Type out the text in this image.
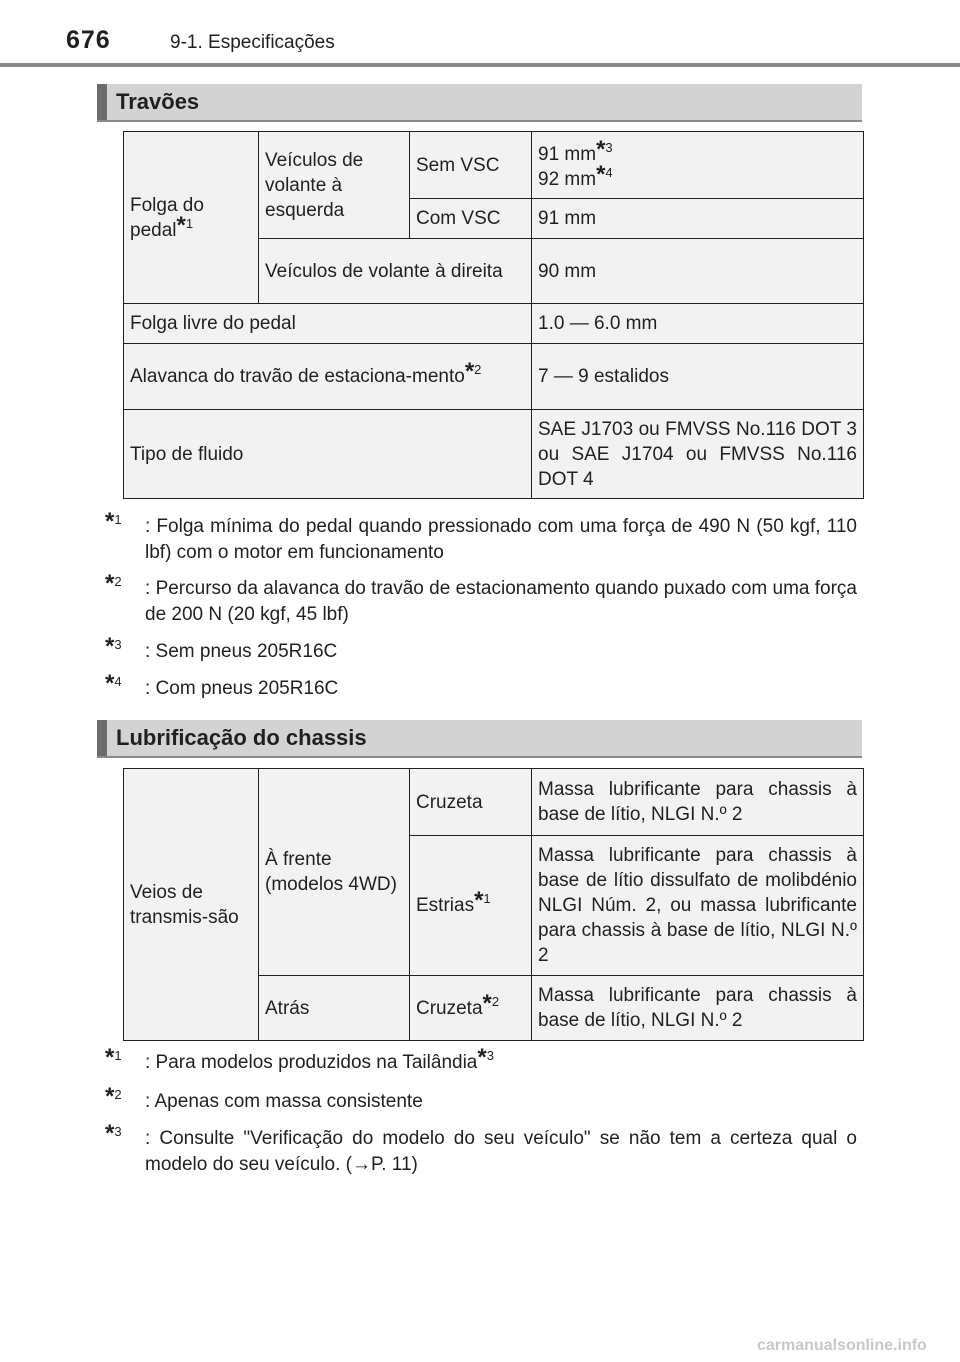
676	9-1. Especificações
Travões
Folga do pedal*$^1$	Veículos de volante à esquerda	Sem VSC	91 mm*$^3$
92 mm*$^4$
		Com VSC	91 mm
	Veículos de volante à direita		90 mm
Folga livre do pedal			1.0 — 6.0 mm
Alavanca do travão de estaciona-mento*$^2$			7 — 9 estalidos
Tipo de fluido			SAE J1703 ou FMVSS No.116 DOT 3 ou SAE J1704 ou FMVSS No.116 DOT 4
*$^1$ : Folga mínima do pedal quando pressionado com uma força de 490 N (50 kgf, 110 lbf) com o motor em funcionamento
*$^2$ : Percurso da alavanca do travão de estacionamento quando puxado com uma força de 200 N (20 kgf, 45 lbf)
*$^3$ : Sem pneus 205R16C
*$^4$ : Com pneus 205R16C
Lubrificação do chassis
Veios de transmis-são	À frente (modelos 4WD)	Cruzeta	Massa lubrificante para chassis à base de lítio, NLGI N.º 2
		Estrias*$^1$	Massa lubrificante para chassis à base de lítio dissulfato de molibdénio NLGI Núm. 2, ou massa lubrificante para chassis à base de lítio, NLGI N.º 2
	Atrás	Cruzeta*$^2$	Massa lubrificante para chassis à base de lítio, NLGI N.º 2
*$^1$ : Para modelos produzidos na Tailândia*$^3$
*$^2$ : Apenas com massa consistente
*$^3$ : Consulte "Verificação do modelo do seu veículo" se não tem a certeza qual o modelo do seu veículo. (→P. 11)
carmanualsonline.info
